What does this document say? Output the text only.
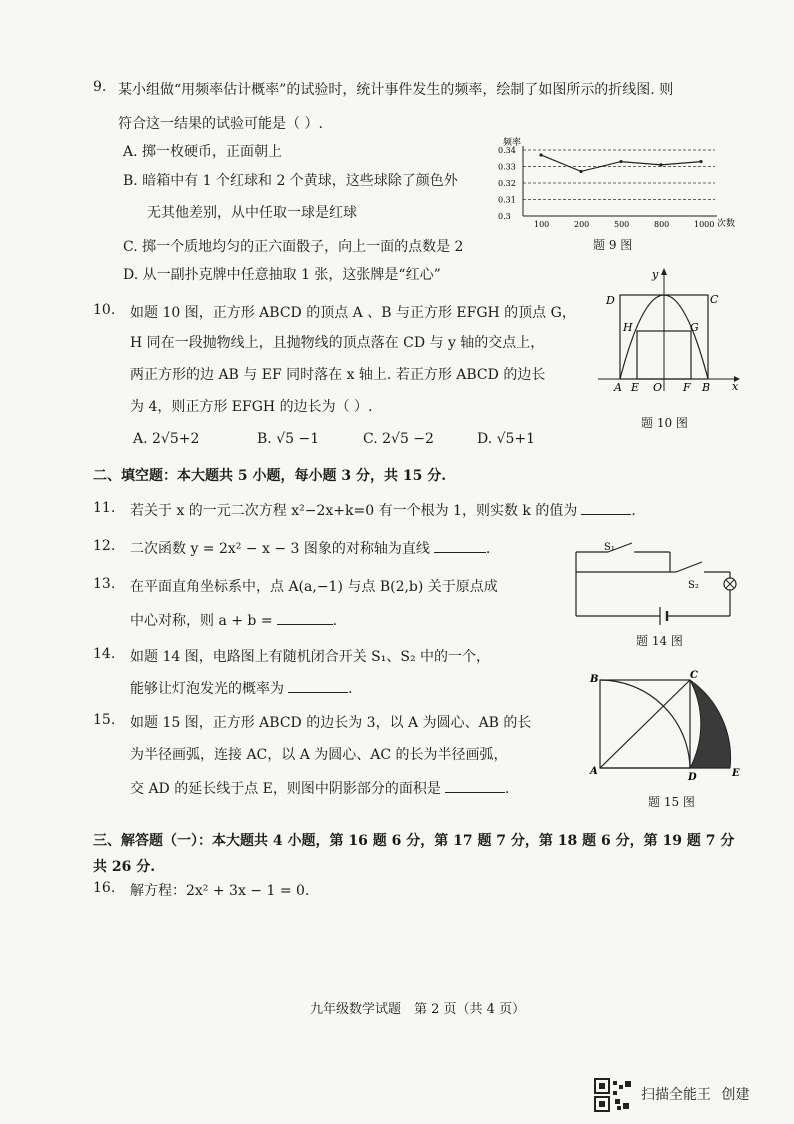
9. 某小组做“用频率估计概率”的试验时，统计事件发生的频率，绘制了如图所示的折线图. 则
符合这一结果的试验可能是（ ）.
A. 掷一枚硬币，正面朝上
B. 暗箱中有 1 个红球和 2 个黄球，这些球除了颜色外
无其他差别，从中任取一球是红球
C. 掷一个质地均匀的正六面骰子，向上一面的点数是 2
D. 从一副扑克牌中任意抽取 1 张，这张牌是“红心”
频率
次数
0.34
0.33
0.32
0.31
0.3
100	200	500	800	1000
题 9 图
10. 如题 10 图，正方形 ABCD 的顶点 A 、B 与正方形 EFGH 的顶点 G，
H 同在一段抛物线上，且抛物线的顶点落在 CD 与 y 轴的交点上，
两正方形的边 AB 与 EF 同时落在 x 轴上. 若正方形 ABCD 的边长
为 4，则正方形 EFGH 的边长为（ ）.
A. 2√5+2	B. √5 −1	C. 2√5 −2	D. √5+1
y
D	C
H	G
A E O F B x
题 10 图
二、填空题：本大题共 5 小题，每小题 3 分，共 15 分.
11. 若关于 x 的一元二次方程 x²−2x+k=0 有一个根为 1，则实数 k 的值为	.
12. 二次函数 y = 2x² − x − 3 图象的对称轴为直线	.
13. 在平面直角坐标系中，点 A(a,−1) 与点 B(2,b) 关于原点成
中心对称，则 a + b =	.
S₁
S₂
题 14 图
14. 如题 14 图，电路图上有随机闭合开关 S₁、S₂ 中的一个，
能够让灯泡发光的概率为	.
15. 如题 15 图，正方形 ABCD 的边长为 3，以 A 为圆心、AB 的长
为半径画弧，连接 AC，以 A 为圆心、AC 的长为半径画弧，
交 AD 的延长线于点 E，则图中阴影部分的面积是	.
B	C
A
D	E
题 15 图
三、解答题（一）：本大题共 4 小题，第 16 题 6 分，第 17 题 7 分，第 18 题 6 分，第 19 题 7 分
共 26 分.
16. 解方程：2x² + 3x − 1 = 0.
九年级数学试题　第 2 页（共 4 页）
扫描全能王 创建
